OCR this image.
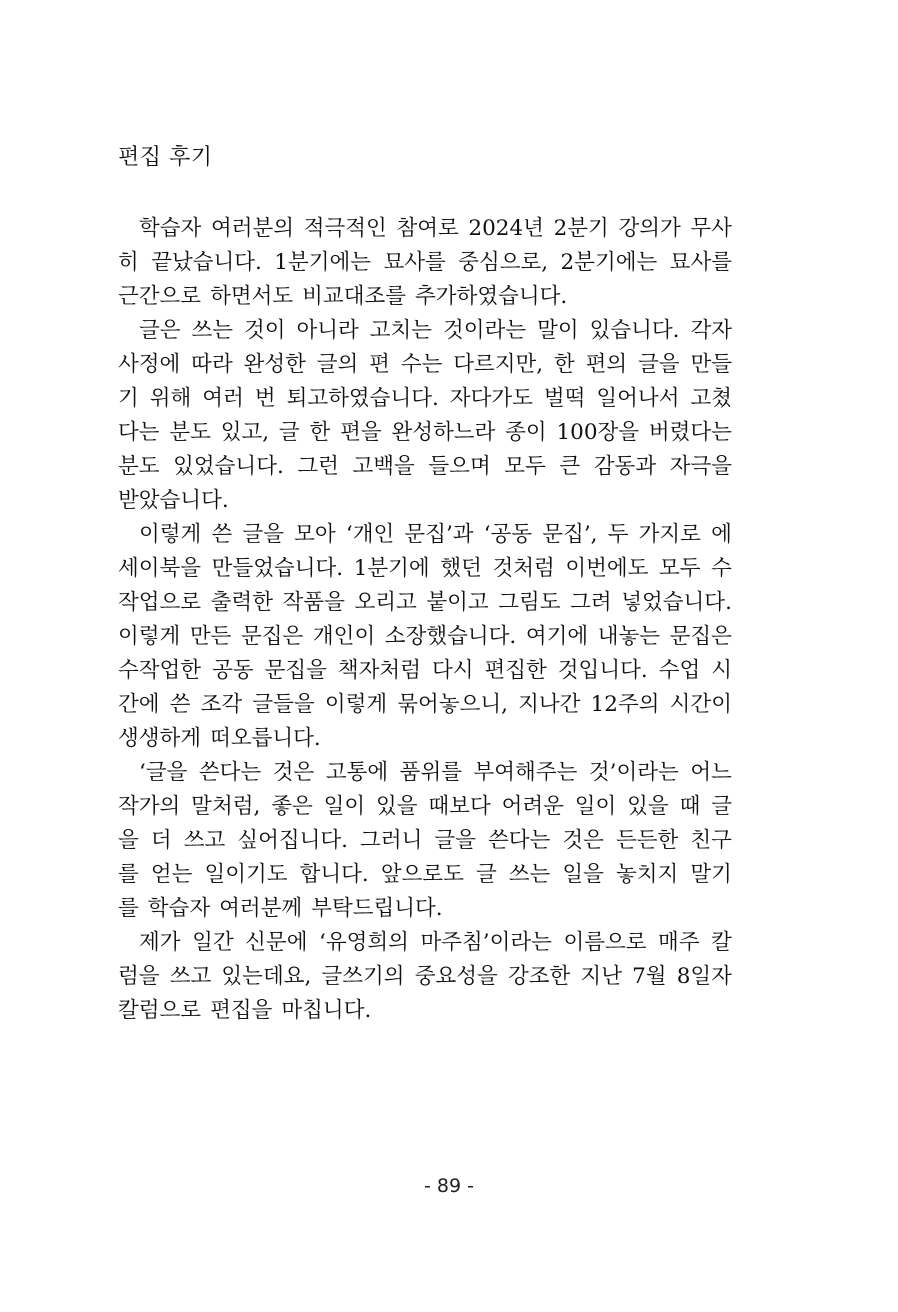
편집 후기
학습자 여러분의 적극적인 참여로 2024년 2분기 강의가 무사
히 끝났습니다. 1분기에는 묘사를 중심으로, 2분기에는 묘사를
근간으로 하면서도 비교대조를 추가하였습니다.
글은 쓰는 것이 아니라 고치는 것이라는 말이 있습니다. 각자
사정에 따라 완성한 글의 편 수는 다르지만, 한 편의 글을 만들
기 위해 여러 번 퇴고하였습니다. 자다가도 벌떡 일어나서 고쳤
다는 분도 있고, 글 한 편을 완성하느라 종이 100장을 버렸다는
분도 있었습니다. 그런 고백을 들으며 모두 큰 감동과 자극을
받았습니다.
이렇게 쓴 글을 모아 ‘개인 문집’과 ‘공동 문집’, 두 가지로 에
세이북을 만들었습니다. 1분기에 했던 것처럼 이번에도 모두 수
작업으로 출력한 작품을 오리고 붙이고 그림도 그려 넣었습니다.
이렇게 만든 문집은 개인이 소장했습니다. 여기에 내놓는 문집은
수작업한 공동 문집을 책자처럼 다시 편집한 것입니다. 수업 시
간에 쓴 조각 글들을 이렇게 묶어놓으니, 지나간 12주의 시간이
생생하게 떠오릅니다.
‘글을 쓴다는 것은 고통에 품위를 부여해주는 것’이라는 어느
작가의 말처럼, 좋은 일이 있을 때보다 어려운 일이 있을 때 글
을 더 쓰고 싶어집니다. 그러니 글을 쓴다는 것은 든든한 친구
를 얻는 일이기도 합니다. 앞으로도 글 쓰는 일을 놓치지 말기
를 학습자 여러분께 부탁드립니다.
제가 일간 신문에 ‘유영희의 마주침’이라는 이름으로 매주 칼
럼을 쓰고 있는데요, 글쓰기의 중요성을 강조한 지난 7월 8일자
칼럼으로 편집을 마칩니다.
- 89 -
